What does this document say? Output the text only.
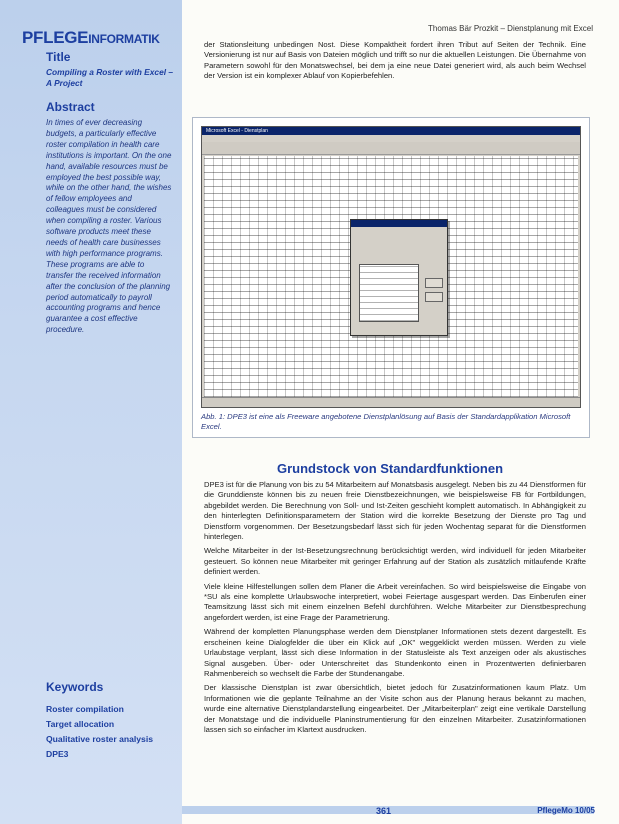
PFLEGEINFORMATIK
Thomas Bär Prozkit – Dienstplanung mit Excel
Title
Compiling a Roster with Excel – A Project
Abstract
In times of ever decreasing budgets, a particularly effective roster compilation in health care institutions is important. On the one hand, available resources must be employed the best possible way, while on the other hand, the wishes of fellow employees and colleagues must be considered when compiling a roster. Various software products meet these needs of health care businesses with high performance programs. These programs are able to transfer the received information after the conclusion of the planning period automatically to payroll accounting programs and hence guarantee a cost effective procedure.
Keywords
Roster compilation
Target allocation
Qualitative roster analysis
DPE3

der Stationsleitung unbedingen Nost. Diese Kompaktheit fordert ihren Tribut auf Seiten der Technik. Eine Versionierung ist nur auf Basis von Dateien möglich und trifft so nur die aktuellen Leistungen. Die Übernahme von Parametern sowohl für den Monatswechsel, bei dem ja eine neue Datei generiert wird, als auch beim Wechsel der Version ist ein komplexer Ablauf von Kopierbefehlen.

Microsoft Excel - Dienstplan
Abb. 1: DPE3 ist eine als Freeware angebotene Dienstplanlösung auf Basis der Standardapplikation Microsoft Excel.
Grundstock von Standardfunktionen

DPE3 ist für die Planung von bis zu 54 Mitarbeitern auf Monatsbasis ausgelegt. Neben bis zu 44 Dienstformen für die Grunddienste können bis zu neuen freie Dienstbezeichnungen, wie beispielsweise FB für Fortbildungen, abgebildet werden. Die Berechnung von Soll- und Ist-Zeiten geschieht komplett automatisch. In Abhängigkeit zu den hinterlegten Definitionsparametern der Station wird die korrekte Besetzung der Dienste pro Tag und Dienstform vorgenommen. Der Besetzungsbedarf lässt sich für jeden Wochentag separat für die Dienstformen hinterlegen.

Welche Mitarbeiter in der Ist-Besetzungsrechnung berücksichtigt werden, wird individuell für jeden Mitarbeiter gesteuert. So können neue Mitarbeiter mit geringer Erfahrung auf der Station als zusätzlich mitlaufende Kräfte definiert werden.

Viele kleine Hilfestellungen sollen dem Planer die Arbeit vereinfachen. So wird beispielsweise die Eingabe von *SU als eine komplette Urlaubswoche interpretiert, wobei Feiertage ausgespart werden. Das Einberufen einer Teamsitzung lässt sich mit einem einzelnen Befehl durchführen. Welche Mitarbeiter zur Dienstbesprechung angefordert werden, ist eine Frage der Parametrierung.

Während der kompletten Planungsphase werden dem Dienstplaner Informationen stets dezent dargestellt. Es erscheinen keine Dialogfelder die über ein Klick auf „OK" weggeklickt werden müssen. Werden zu viele Urlaubstage verplant, lässt sich diese Information in der Statusleiste als Text anzeigen oder als akustisches Signal ausgeben. Über- oder Unterschreitet das Stundenkonto einen in Prozentwerten definierbaren Rahmenbereich so wechselt die Farbe der Stundenangabe.

Der klassische Dienstplan ist zwar übersichtlich, bietet jedoch für Zusatzinformationen kaum Platz. Um Informationen wie die geplante Teilnahme an der Visite schon aus der Planung heraus bekannt zu machen, wurde eine alternative Dienstplandarstellung eingearbeitet. Der „Mitarbeiterplan" zeigt eine vertikale Darstellung der Monatstage und die individuelle Planinstrumentierung für den einzelnen Mitarbeiter. Zusatzinformationen lassen sich so einfacher im Klartext ausdrucken.

361	PflegeMo 10/05
